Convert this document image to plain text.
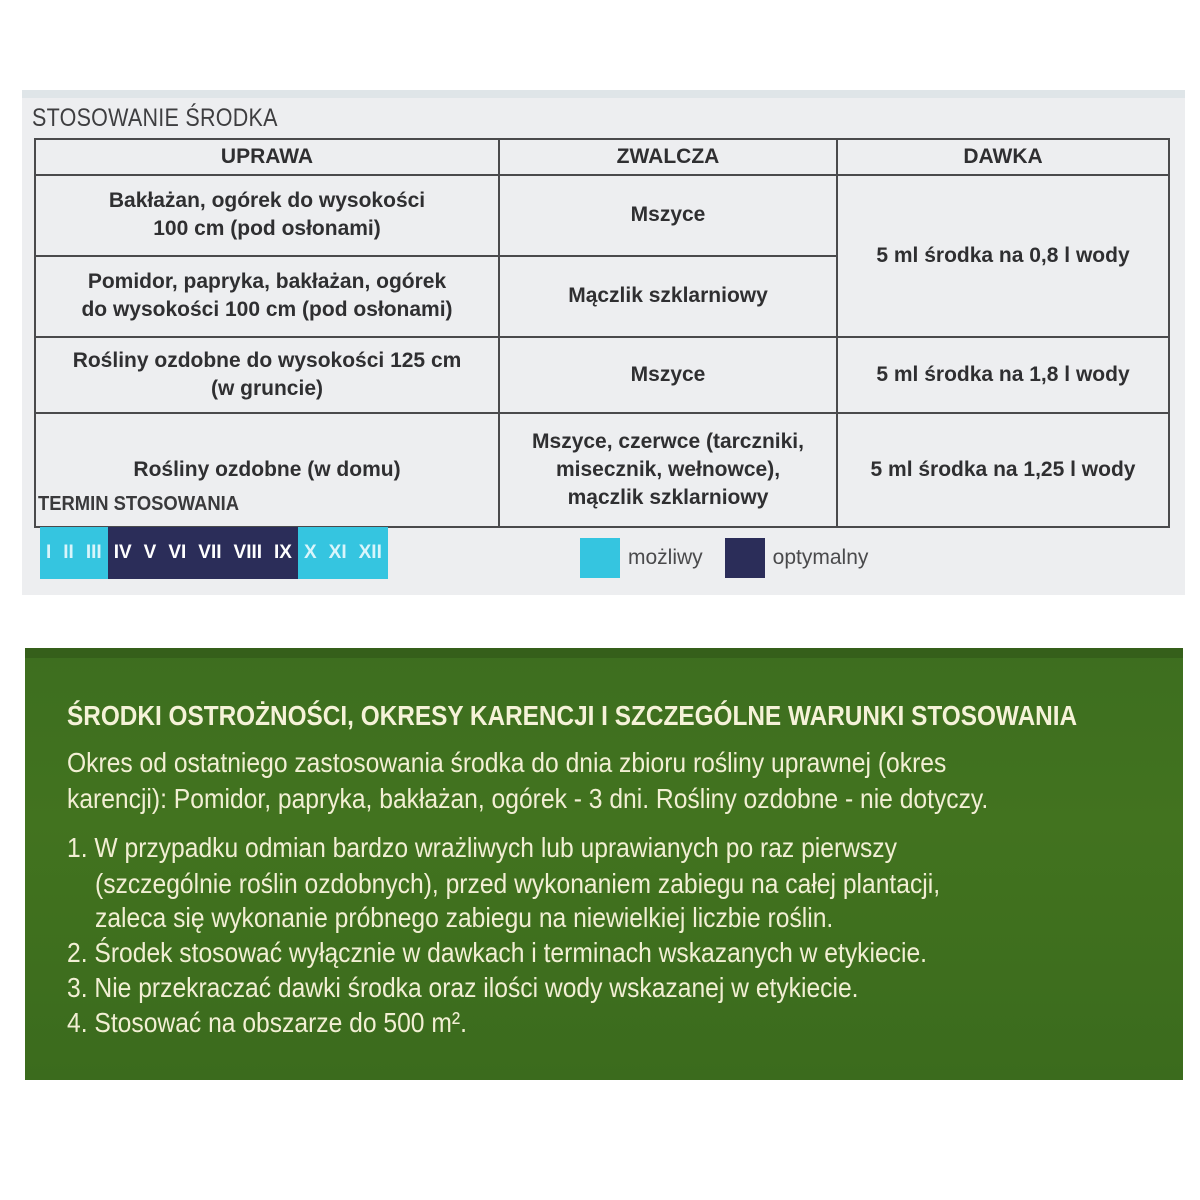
STOSOWANIE ŚRODKA
UPRAWA	ZWALCZA	DAWKA

Bakłażan, ogórek do wysokości
100 cm (pod osłonami)	Mszyce	5 ml środka na 0,8 l wody

Pomidor, papryka, bakłażan, ogórek
do wysokości 100 cm (pod osłonami)	Mączlik szklarniowy	

Rośliny ozdobne do wysokości 125 cm
(w gruncie)	Mszyce	5 ml środka na 1,8 l wody

Rośliny ozdobne (w domu)	Mszyce, czerwce (tarczniki,
misecznik, wełnowce),
mączlik szklarniowy	5 ml środka na 1,25 l wody
TERMIN STOSOWANIA
I II III IV V VI VII VIII IX X XI XII	możliwy	optymalny
ŚRODKI OSTROŻNOŚCI, OKRESY KARENCJI I SZCZEGÓLNE WARUNKI STOSOWANIA
Okres od ostatniego zastosowania środka do dnia zbioru rośliny uprawnej (okres
karencji): Pomidor, papryka, bakłażan, ogórek - 3 dni. Rośliny ozdobne - nie dotyczy.
1. W przypadku odmian bardzo wrażliwych lub uprawianych po raz pierwszy
(szczególnie roślin ozdobnych), przed wykonaniem zabiegu na całej plantacji,
zaleca się wykonanie próbnego zabiegu na niewielkiej liczbie roślin.
2. Środek stosować wyłącznie w dawkach i terminach wskazanych w etykiecie.
3. Nie przekraczać dawki środka oraz ilości wody wskazanej w etykiecie.
4. Stosować na obszarze do 500 m².
